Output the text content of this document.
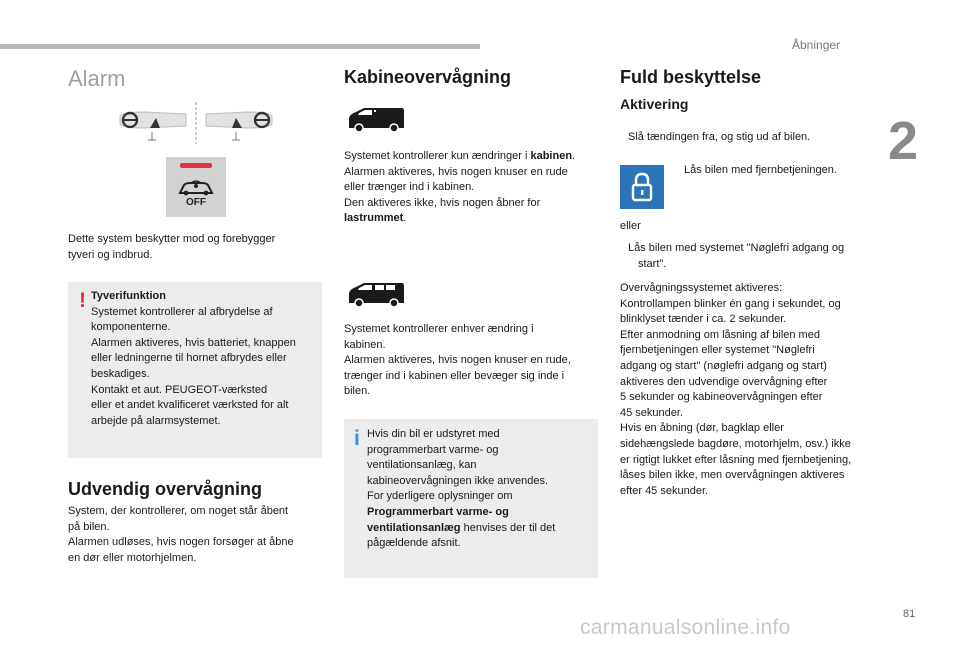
Åbninger
2
81
carmanualsonline.info
Alarm
OFF
Dette system beskytter mod og forebygger
tyveri og indbrud.
! Tyverifunktion
Systemet kontrollerer al afbrydelse af
komponenterne.
Alarmen aktiveres, hvis batteriet, knappen
eller ledningerne til hornet afbrydes eller
beskadiges.
Kontakt et aut. PEUGEOT-værksted
eller et andet kvalificeret værksted for alt
arbejde på alarmsystemet.
Udvendig overvågning
System, der kontrollerer, om noget står åbent
på bilen.
Alarmen udløses, hvis nogen forsøger at åbne
en dør eller motorhjelmen.
Kabineovervågning
Systemet kontrollerer kun ændringer i kabinen.
Alarmen aktiveres, hvis nogen knuser en rude
eller trænger ind i kabinen.
Den aktiveres ikke, hvis nogen åbner for
lastrummet.
Systemet kontrollerer enhver ændring i
kabinen.
Alarmen aktiveres, hvis nogen knuser en rude,
trænger ind i kabinen eller bevæger sig inde i
bilen.
i Hvis din bil er udstyret med
programmerbart varme- og
ventilationsanlæg, kan
kabineovervågningen ikke anvendes.
For yderligere oplysninger om
Programmerbart varme- og
ventilationsanlæg henvises der til det
pågældende afsnit.
Fuld beskyttelse
Aktivering
Slå tændingen fra, og stig ud af bilen.
Lås bilen med fjernbetjeningen.
eller
Lås bilen med systemet "Nøglefri adgang og
start".
Overvågningssystemet aktiveres:
Kontrollampen blinker én gang i sekundet, og
blinklyset tænder i ca. 2 sekunder.
Efter anmodning om låsning af bilen med
fjernbetjeningen eller systemet "Nøglefri
adgang og start" (nøglefri adgang og start)
aktiveres den udvendige overvågning efter
5 sekunder og kabineovervågningen efter
45 sekunder.
Hvis en åbning (dør, bagklap eller
sidehængslede bagdøre, motorhjelm, osv.) ikke
er rigtigt lukket efter låsning med fjernbetjening,
låses bilen ikke, men overvågningen aktiveres
efter 45 sekunder.
